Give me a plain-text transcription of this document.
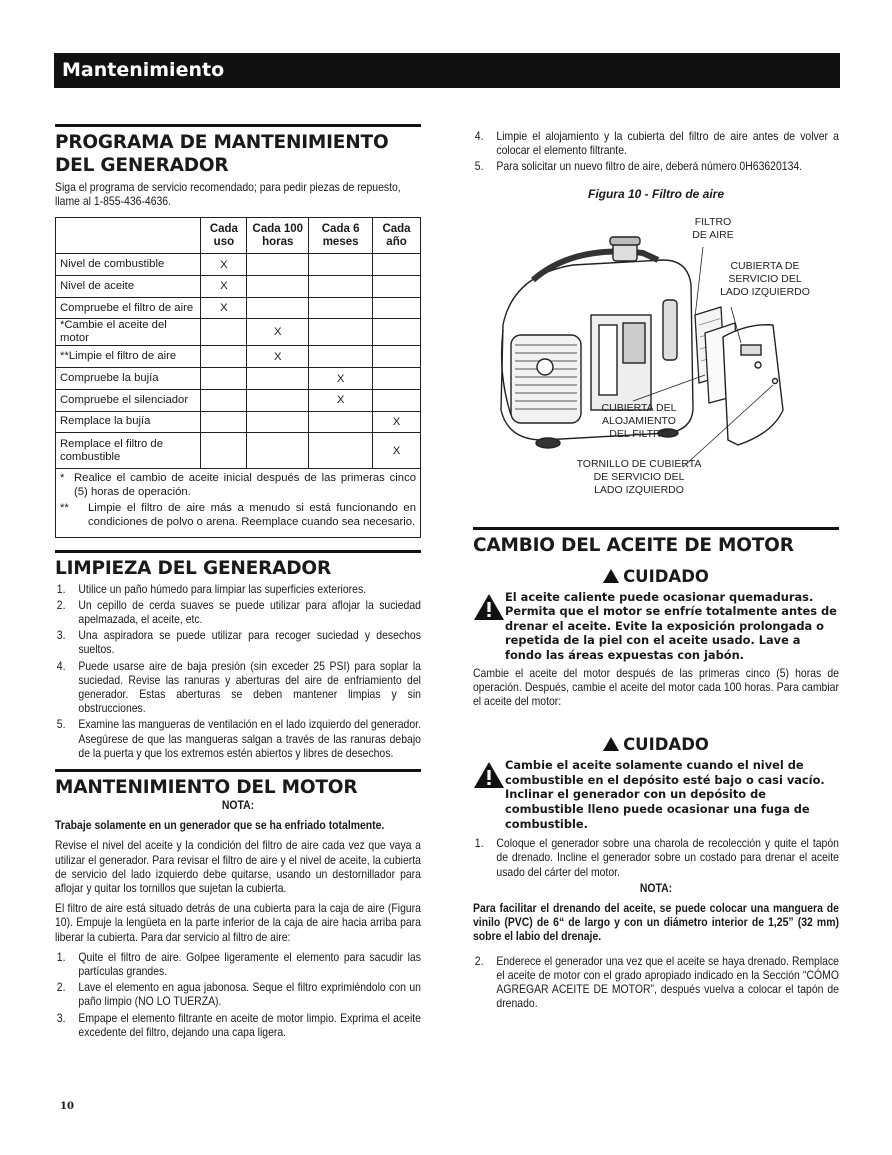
Mantenimiento
PROGRAMA DE MANTENIMIENTO DEL GENERADOR

Siga el programa de servicio recomendado; para pedir piezas de repuesto, llame al 1-855-436-4636.

	Cada uso	Cada 100 horas	Cada 6 meses	Cada año
Nivel de combustible	X			
Nivel de aceite	X			
Compruebe el filtro de aire	X			
*Cambie el aceite del motor		X		
**Limpie el filtro de aire		X		
Compruebe la bujía			X	
Compruebe el silenciador			X	
Remplace la bujía				X
Remplace el filtro de combustible				X
* Realice el cambio de aceite inicial después de las primeras cinco (5) horas de operación.
**	Limpie el filtro de aire más a menudo si está funcionando en condiciones de polvo o arena. Reemplace cuando sea necesario.
LIMPIEZA DEL GENERADOR
1.	Utilice un paño húmedo para limpiar las superficies exteriores.
2.	Un cepillo de cerda suaves se puede utilizar para aflojar la suciedad apelmazada, el aceite, etc.
3.	Una aspiradora se puede utilizar para recoger suciedad y desechos sueltos.
4.	Puede usarse aire de baja presión (sin exceder 25 PSI) para soplar la suciedad. Revise las ranuras y aberturas del aire de enfriamiento del generador. Estas aberturas se deben mantener limpias y sin obstrucciones.
5.	Examine las mangueras de ventilación en el lado izquierdo del generador. Asegúrese de que las mangueras salgan a través de las ranuras debajo de la puerta y que los extremos estén abiertos y libres de desechos.
MANTENIMIENTO DEL MOTOR

NOTA:

Trabaje solamente en un generador que se ha enfriado totalmente.

Revise el nivel del aceite y la condición del filtro de aire cada vez que vaya a utilizar el generador. Para revisar el filtro de aire y el nivel de aceite, la cubierta de servicio del lado izquierdo debe quitarse, usando un destornillador para aflojar y quitar los tornillos que sujetan la cubierta.

El filtro de aire está situado detrás de una cubierta para la caja de aire (Figura 10). Empuje la lengüeta en la parte inferior de la caja de aire hacia arriba para liberar la cubierta. Para dar servicio al filtro de aire:

1.	Quite el filtro de aire. Golpee ligeramente el elemento para sacudir las partículas grandes.
2.	Lave el elemento en agua jabonosa. Seque el filtro exprimiéndolo con un paño limpio (NO LO TUERZA).
3.	Empape el elemento filtrante en aceite de motor limpio. Exprima el aceite excedente del filtro, dejando una capa ligera.
4.	Limpie el alojamiento y la cubierta del filtro de aire antes de volver a colocar el elemento filtrante.
5.	Para solicitar un nuevo filtro de aire, deberá número 0H63620134.

Figura 10 - Filtro de aire

FILTRO
DE AIRE
CUBIERTA DE
SERVICIO DEL
LADO IZQUIERDO
CUBIERTA DEL
ALOJAMIENTO
DEL FILTRO
TORNILLO DE CUBIERTA
DE SERVICIO DEL
LADO IZQUIERDO
CAMBIO DEL ACEITE DE MOTOR
CUIDADO
El aceite caliente puede ocasionar quemaduras. Permita que el motor se enfríe totalmente antes de drenar el aceite. Evite la exposición prolongada o repetida de la piel con el aceite usado. Lave a fondo las áreas expuestas con jabón.

Cambie el aceite del motor después de las primeras cinco (5) horas de operación. Después, cambie el aceite del motor cada 100 horas. Para cambiar el aceite del motor:

CUIDADO
Cambie el aceite solamente cuando el nivel de combustible en el depósito esté bajo o casi vacío. Inclinar el generador con un depósito de combustible lleno puede ocasionar una fuga de combustible.
1.	Coloque el generador sobre una charola de recolección y quite el tapón de drenado. Incline el generador sobre un costado para drenar el aceite usado del cárter del motor.

NOTA:

Para facilitar el drenando del aceite, se puede colocar una manguera de vinilo (PVC) de 6“ de largo y con un diámetro interior de 1,25” (32 mm) sobre el labio del drenaje.

2.	Enderece el generador una vez que el aceite se haya drenado. Remplace el aceite de motor con el grado apropiado indicado en la Sección “CÓMO AGREGAR ACEITE DE MOTOR”, después vuelva a colocar el tapón de drenado.
10
